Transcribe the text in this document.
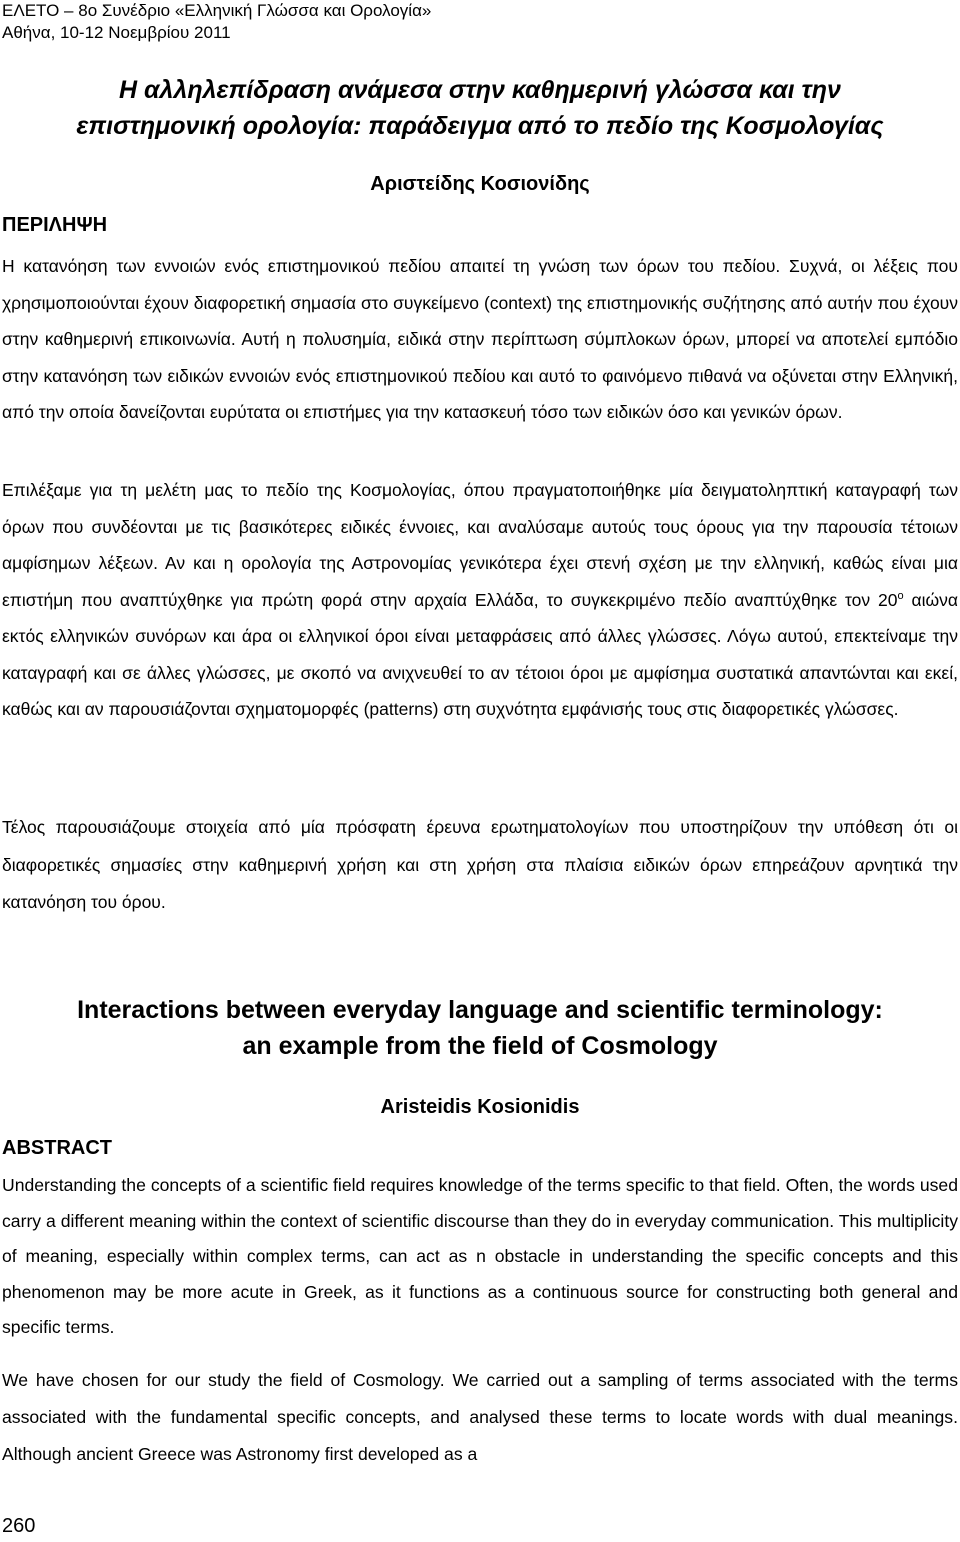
ΕΛΕΤΟ – 8ο Συνέδριο «Ελληνική Γλώσσα και Ορολογία»
Αθήνα, 10-12 Νοεμβρίου 2011
Η αλληλεπίδραση ανάμεσα στην καθημερινή γλώσσα και την
επιστημονική ορολογία: παράδειγμα από το πεδίο της Κοσμολογίας
Αριστείδης Κοσιονίδης
ΠΕΡΙΛΗΨΗ

Η κατανόηση των εννοιών ενός επιστημονικού πεδίου απαιτεί τη γνώση των όρων του πεδίου. Συχνά, οι λέξεις που χρησιμοποιούνται έχουν διαφορετική σημασία στο συγκείμενο (context) της επιστημονικής συζήτησης από αυτήν που έχουν στην καθημερινή επικοινωνία. Αυτή η πολυσημία, ειδικά στην περίπτωση σύμπλοκων όρων, μπορεί να αποτελεί εμπόδιο στην κατανόηση των ειδικών εννοιών ενός επιστημονικού πεδίου και αυτό το φαινόμενο πιθανά να οξύνεται στην Ελληνική, από την οποία δανείζονται ευρύτατα οι επιστήμες για την κατασκευή τόσο των ειδικών όσο και γενικών όρων.

Επιλέξαμε για τη μελέτη μας το πεδίο της Κοσμολογίας, όπου πραγματοποιήθηκε μία δειγματοληπτική καταγραφή των όρων που συνδέονται με τις βασικότερες ειδικές έννοιες, και αναλύσαμε αυτούς τους όρους για την παρουσία τέτοιων αμφίσημων λέξεων. Αν και η ορολογία της Αστρονομίας γενικότερα έχει στενή σχέση με την ελληνική, καθώς είναι μια επιστήμη που αναπτύχθηκε για πρώτη φορά στην αρχαία Ελλάδα, το συγκεκριμένο πεδίο αναπτύχθηκε τον $20^o$ αιώνα εκτός ελληνικών συνόρων και άρα οι ελληνικοί όροι είναι μεταφράσεις από άλλες γλώσσες. Λόγω αυτού, επεκτείναμε την καταγραφή και σε άλλες γλώσσες, με σκοπό να ανιχνευθεί το αν τέτοιοι όροι με αμφίσημα συστατικά απαντώνται και εκεί, καθώς και αν παρουσιάζονται σχηματομορφές (patterns) στη συχνότητα εμφάνισής τους στις διαφορετικές γλώσσες.

Τέλος παρουσιάζουμε στοιχεία από μία πρόσφατη έρευνα ερωτηματολογίων που υποστηρίζουν την υπόθεση ότι οι διαφορετικές σημασίες στην καθημερινή χρήση και στη χρήση στα πλαίσια ειδικών όρων επηρεάζουν αρνητικά την κατανόηση του όρου.

Interactions between everyday language and scientific terminology:
an example from the field of Cosmology
Aristeidis Kosionidis
ABSTRACT

Understanding the concepts of a scientific field requires knowledge of the terms specific to that field. Often, the words used carry a different meaning within the context of scientific discourse than they do in everyday communication. This multiplicity of meaning, especially within complex terms, can act as n obstacle in understanding the specific concepts and this phenomenon may be more acute in Greek, as it functions as a continuous source for constructing both general and specific terms.

We have chosen for our study the field of Cosmology. We carried out a sampling of terms associated with the terms associated with the fundamental specific concepts, and analysed these terms to locate words with dual meanings. Although ancient Greece was Astronomy first developed as a

260
